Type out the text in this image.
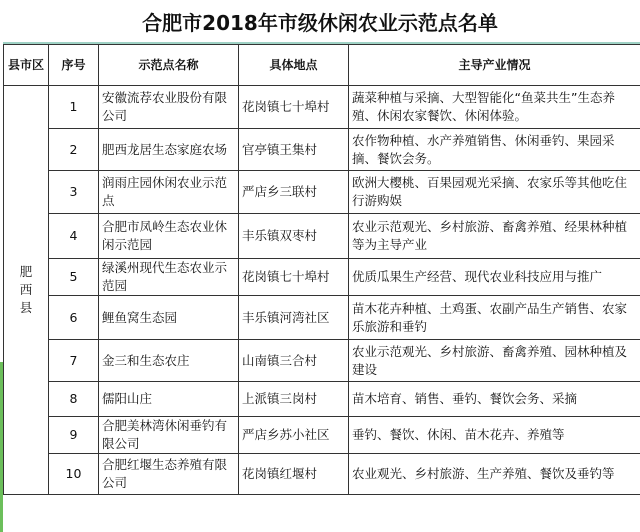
合肥市2018年市级休闲农业示范点名单
县市区	序号	示范点名称	具体地点	主导产业情况

肥西县	1	安徽流荐农业股份有限公司	花岗镇七十埠村	蔬菜种植与采摘、大型智能化“鱼菜共生”生态养殖、休闲农家餐饮、休闲体验。
	2	肥西龙居生态家庭农场	官亭镇王集村	农作物种植、水产养殖销售、休闲垂钓、果园采摘、餐饮会务。
	3	润雨庄园休闲农业示范点	严店乡三联村	欧洲大樱桃、百果园观光采摘、农家乐等其他吃住行游购娱
	4	合肥市凤岭生态农业休闲示范园	丰乐镇双枣村	农业示范观光、乡村旅游、畜禽养殖、经果林种植等为主导产业
	5	绿溪州现代生态农业示范园	花岗镇七十埠村	优质瓜果生产经营、现代农业科技应用与推广
	6	鲤鱼窝生态园	丰乐镇河湾社区	苗木花卉种植、土鸡蛋、农副产品生产销售、农家乐旅游和垂钓
	7	金三和生态农庄	山南镇三合村	农业示范观光、乡村旅游、畜禽养殖、园林种植及建设
	8	儒阳山庄	上派镇三岗村	苗木培育、销售、垂钓、餐饮会务、采摘
	9	合肥美林湾休闲垂钓有限公司	严店乡苏小社区	垂钓、餐饮、休闲、苗木花卉、养殖等
	10	合肥红堰生态养殖有限公司	花岗镇红堰村	农业观光、乡村旅游、生产养殖、餐饮及垂钓等
